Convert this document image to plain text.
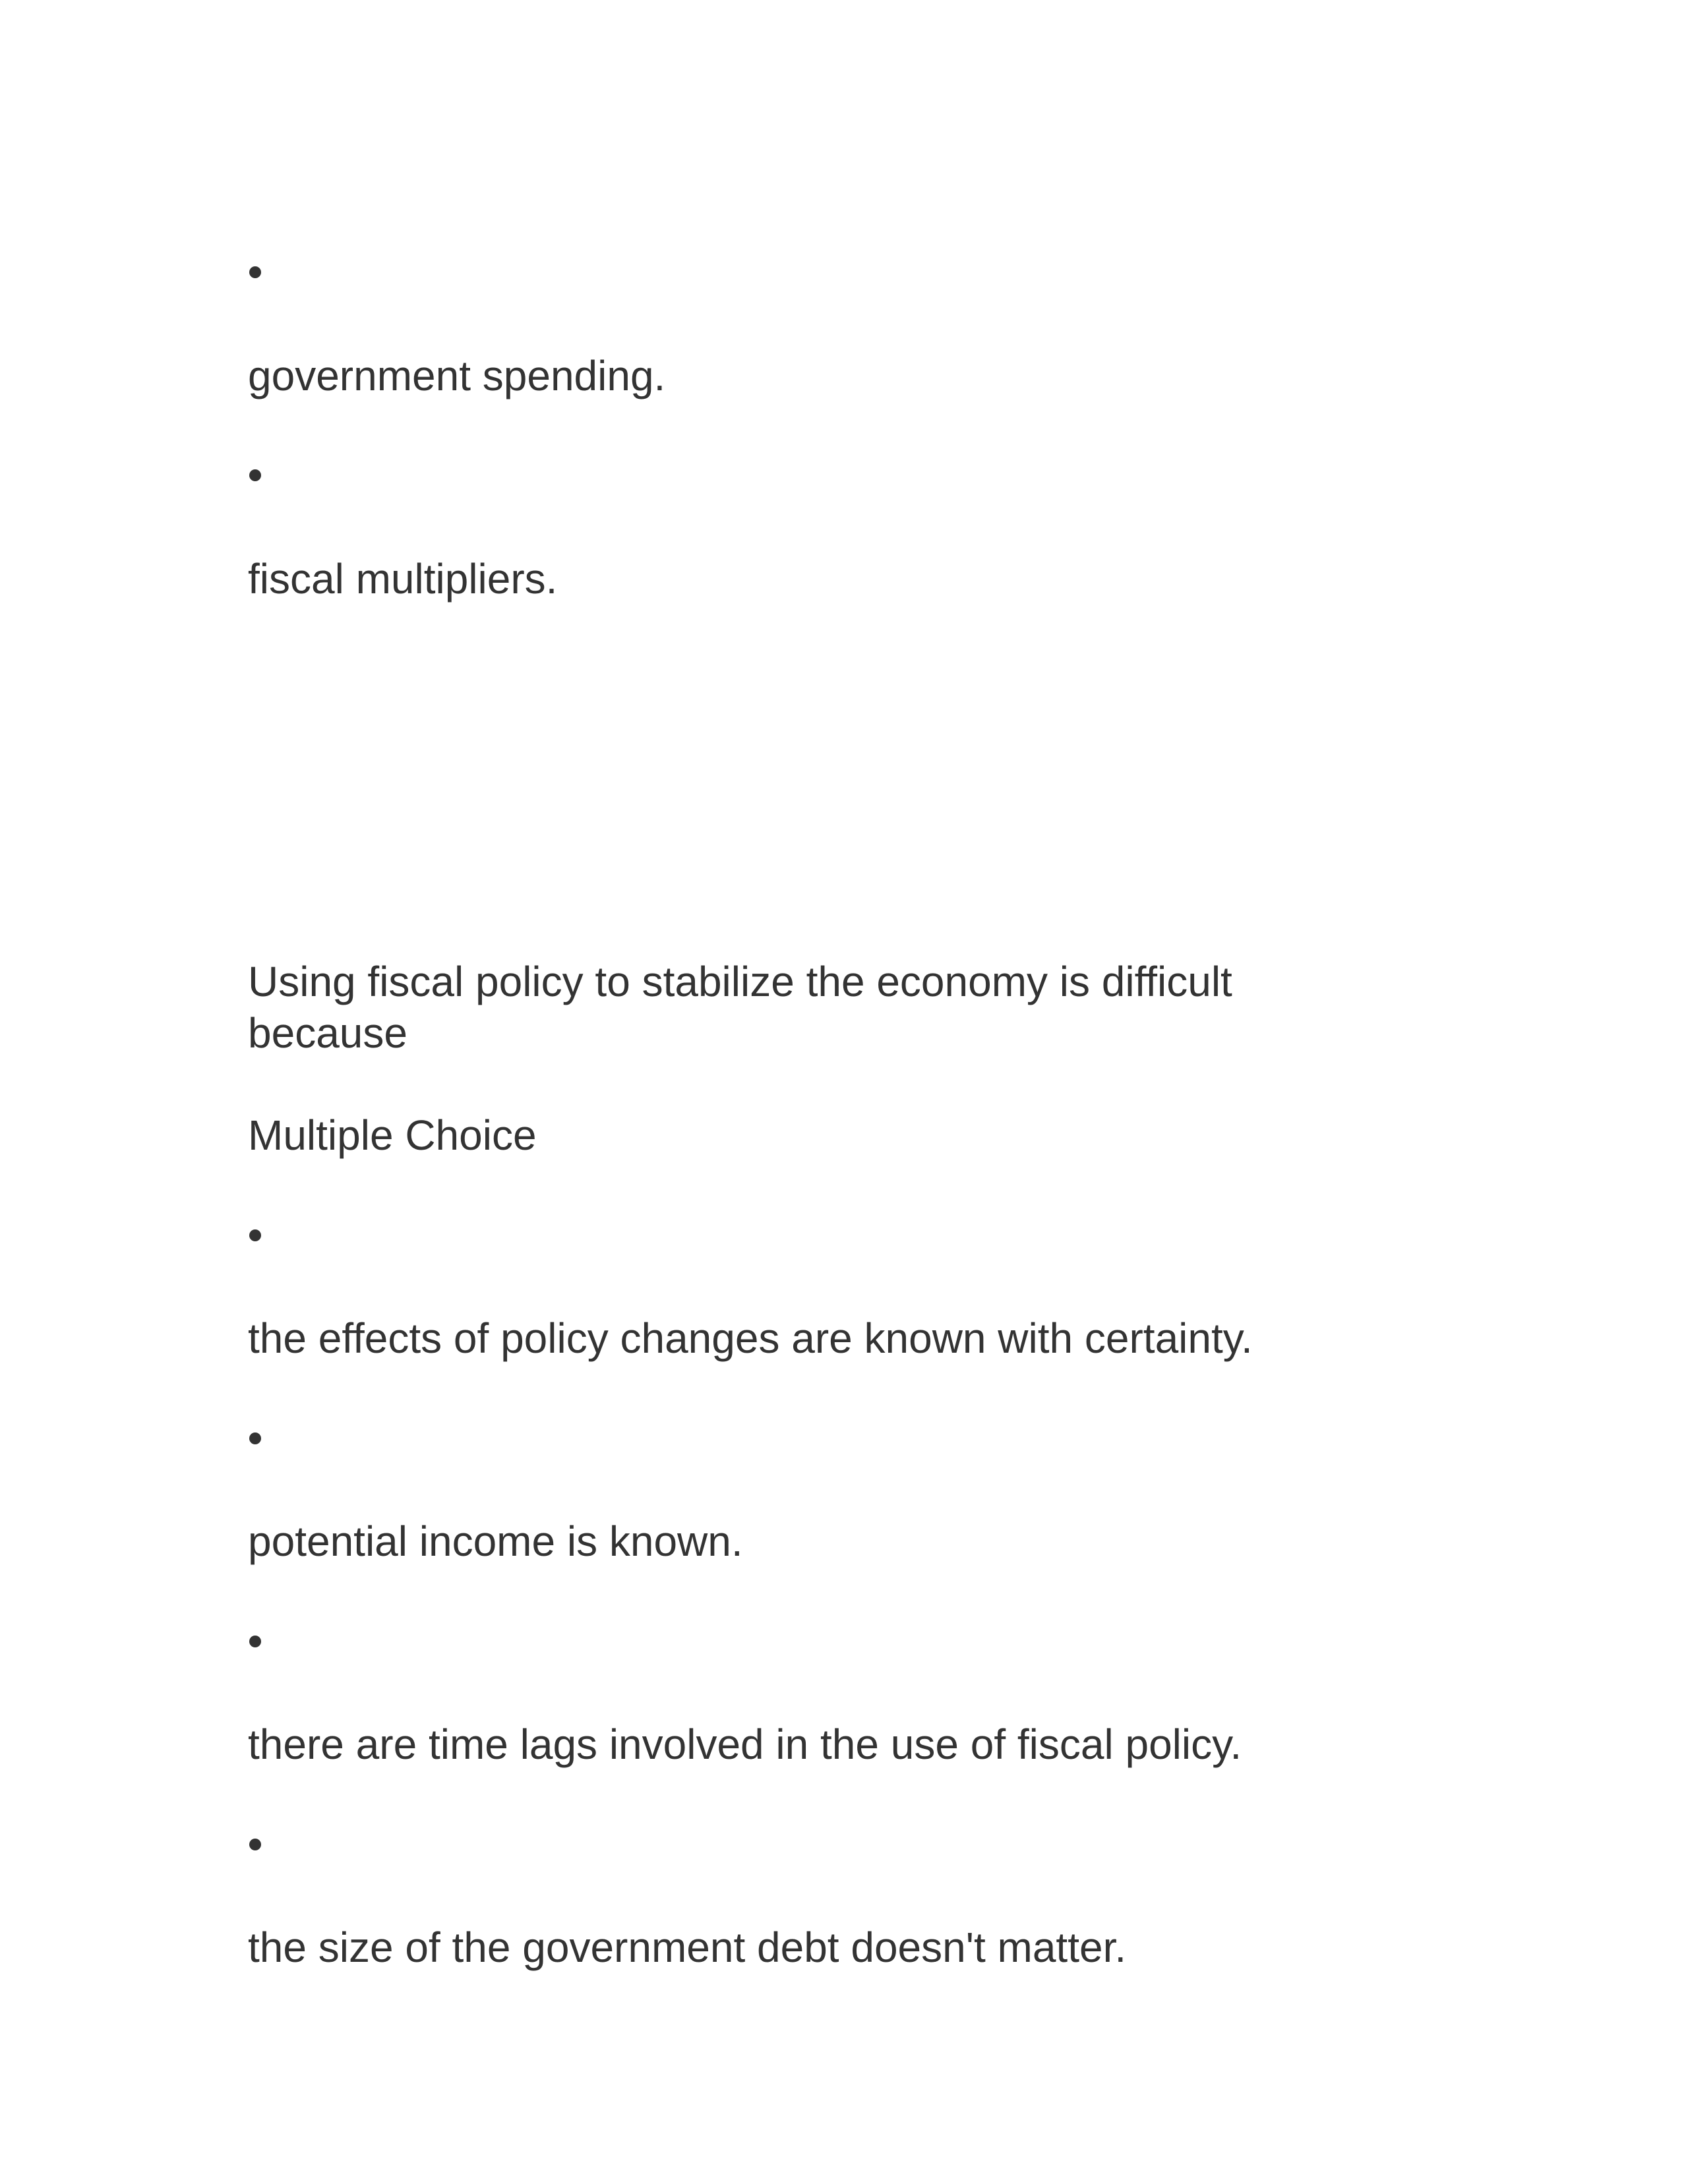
government spending.
fiscal multipliers.
Using fiscal policy to stabilize the economy is difficult because
Multiple Choice
the effects of policy changes are known with certainty.
potential income is known.
there are time lags involved in the use of fiscal policy.
the size of the government debt doesn't matter.
